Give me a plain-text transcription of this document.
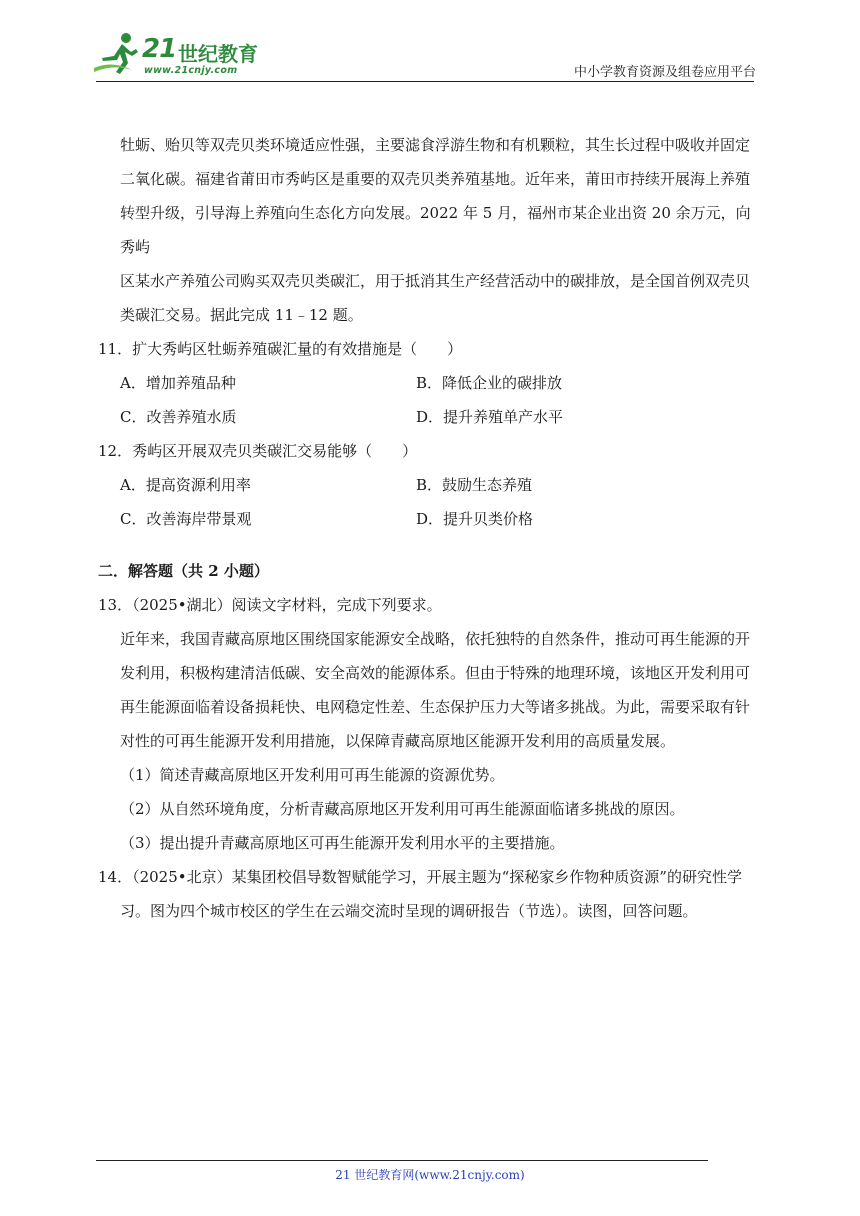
21 世纪教育
www.21cnjy.com	中小学教育资源及组卷应用平台

牡蛎、贻贝等双壳贝类环境适应性强，主要滤食浮游生物和有机颗粒，其生长过程中吸收并固定

二氧化碳。福建省莆田市秀屿区是重要的双壳贝类养殖基地。近年来，莆田市持续开展海上养殖

转型升级，引导海上养殖向生态化方向发展。2022 年 5 月，福州市某企业出资 20 余万元，向秀屿

区某水产养殖公司购买双壳贝类碳汇，用于抵消其生产经营活动中的碳排放，是全国首例双壳贝

类碳汇交易。据此完成 11﹣12 题。

11．扩大秀屿区牡蛎养殖碳汇量的有效措施是（　　）

A．增加养殖品种	B．降低企业的碳排放
C．改善养殖水质	D．提升养殖单产水平

12．秀屿区开展双壳贝类碳汇交易能够（　　）

A．提高资源利用率	B．鼓励生态养殖
C．改善海岸带景观	D．提升贝类价格

二．解答题（共 2 小题）

13．（2025•湖北）阅读文字材料，完成下列要求。

近年来，我国青藏高原地区围绕国家能源安全战略，依托独特的自然条件，推动可再生能源的开

发利用，积极构建清洁低碳、安全高效的能源体系。但由于特殊的地理环境，该地区开发利用可

再生能源面临着设备损耗快、电网稳定性差、生态保护压力大等诸多挑战。为此，需要采取有针

对性的可再生能源开发利用措施，以保障青藏高原地区能源开发利用的高质量发展。

（1）简述青藏高原地区开发利用可再生能源的资源优势。

（2）从自然环境角度，分析青藏高原地区开发利用可再生能源面临诸多挑战的原因。

（3）提出提升青藏高原地区可再生能源开发利用水平的主要措施。

14．（2025•北京）某集团校倡导数智赋能学习，开展主题为“探秘家乡作物种质资源”的研究性学

习。图为四个城市校区的学生在云端交流时呈现的调研报告（节选）。读图，回答问题。

21 世纪教育网(www.21cnjy.com)
